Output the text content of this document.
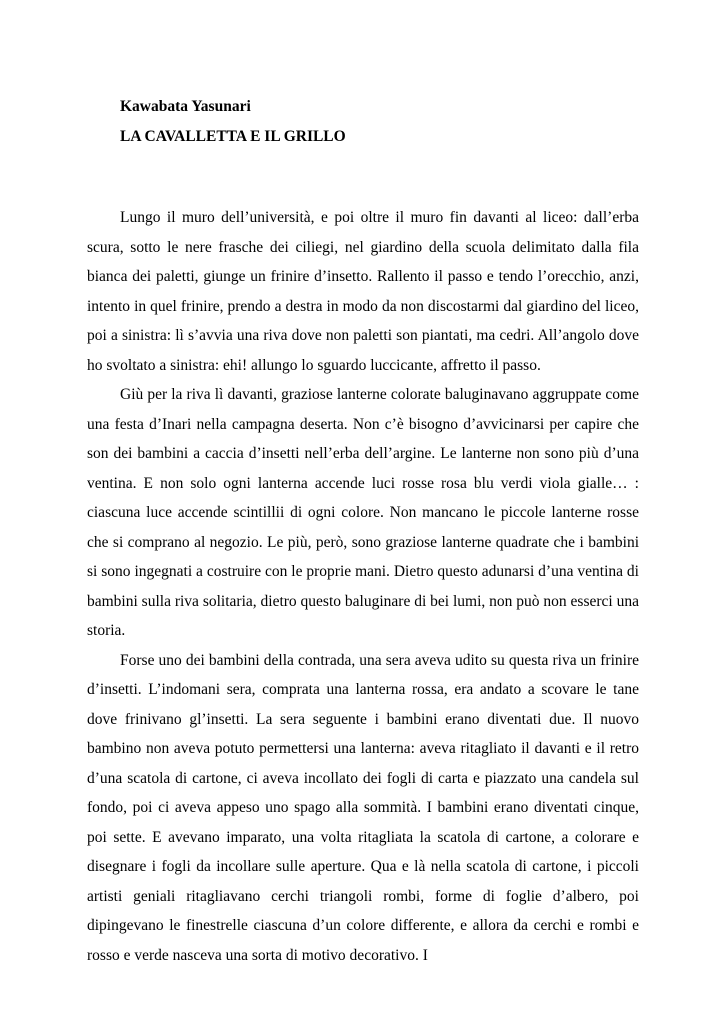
Kawabata Yasunari
LA CAVALLETTA E IL GRILLO

Lungo il muro dell’università, e poi oltre il muro fin davanti al liceo: dall’erba scura, sotto le nere frasche dei ciliegi, nel giardino della scuola delimitato dalla fila bianca dei paletti, giunge un frinire d’insetto. Rallento il passo e tendo l’orecchio, anzi, intento in quel frinire, prendo a destra in modo da non discostarmi dal giardino del liceo, poi a sinistra: lì s’avvia una riva dove non paletti son piantati, ma cedri. All’angolo dove ho svoltato a sinistra: ehi! allungo lo sguardo luccicante, affretto il passo.

Giù per la riva lì davanti, graziose lanterne colorate baluginavano aggruppate come una festa d’Inari nella campagna deserta. Non c’è bisogno d’avvicinarsi per capire che son dei bambini a caccia d’insetti nell’erba dell’argine. Le lanterne non sono più d’una ventina. E non solo ogni lanterna accende luci rosse rosa blu verdi viola gialle… : ciascuna luce accende scintillii di ogni colore. Non mancano le piccole lanterne rosse che si comprano al negozio. Le più, però, sono graziose lanterne quadrate che i bambini si sono ingegnati a costruire con le proprie mani. Dietro questo adunarsi d’una ventina di bambini sulla riva solitaria, dietro questo baluginare di bei lumi, non può non esserci una storia.

Forse uno dei bambini della contrada, una sera aveva udito su questa riva un frinire d’insetti. L’indomani sera, comprata una lanterna rossa, era andato a scovare le tane dove frinivano gl’insetti. La sera seguente i bambini erano diventati due. Il nuovo bambino non aveva potuto permettersi una lanterna: aveva ritagliato il davanti e il retro d’una scatola di cartone, ci aveva incollato dei fogli di carta e piazzato una candela sul fondo, poi ci aveva appeso uno spago alla sommità. I bambini erano diventati cinque, poi sette. E avevano imparato, una volta ritagliata la scatola di cartone, a colorare e disegnare i fogli da incollare sulle aperture. Qua e là nella scatola di cartone, i piccoli artisti geniali ritagliavano cerchi triangoli rombi, forme di foglie d’albero, poi dipingevano le finestrelle ciascuna d’un colore differente, e allora da cerchi e rombi e rosso e verde nasceva una sorta di motivo decorativo. I
